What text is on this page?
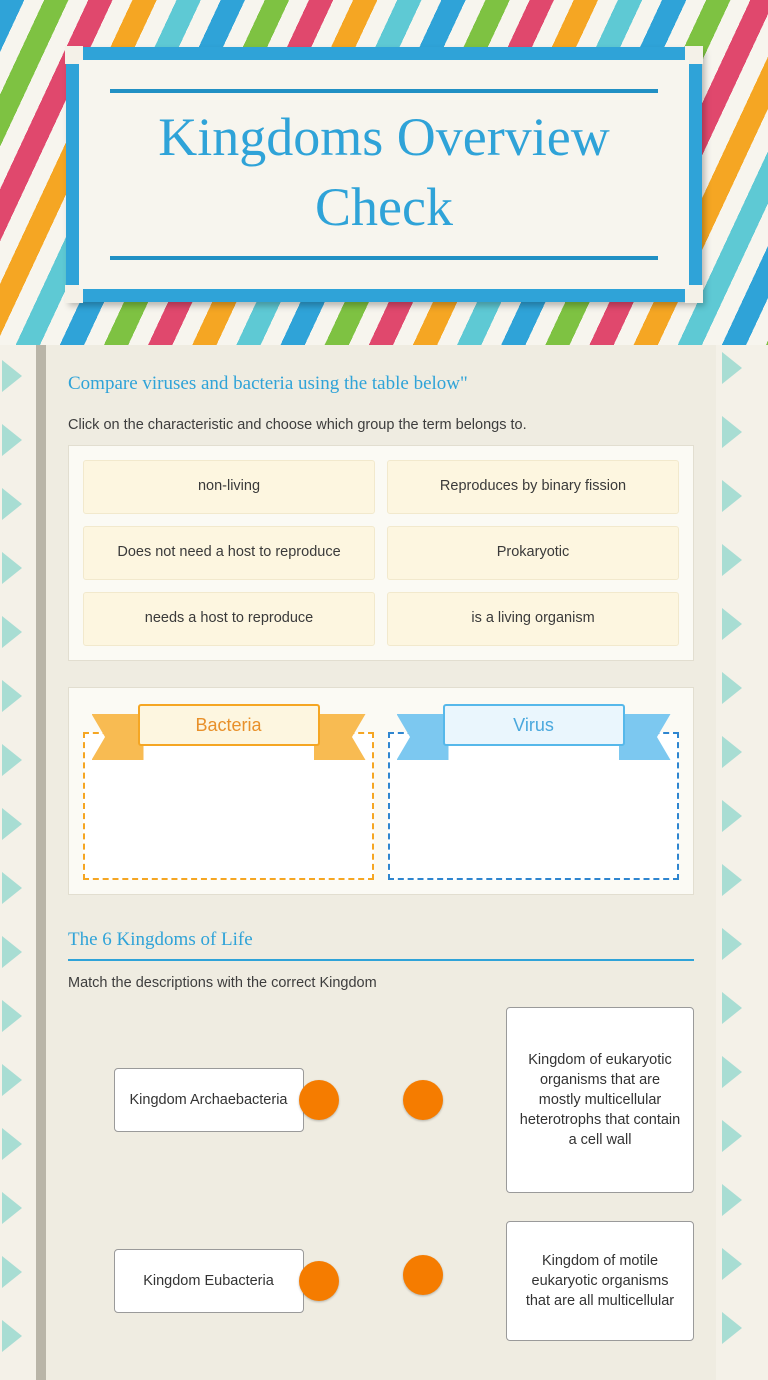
Kingdoms Overview Check
Compare viruses and bacteria using the table below"
Click on the characteristic and choose which group the term belongs to.
non-living	Reproduces by binary fission
Does not need a host to reproduce	Prokaryotic
needs a host to reproduce	is a living organism
Bacteria	Virus
The 6 Kingdoms of Life
Match the descriptions with the correct Kingdom
Kingdom Archaebacteria
Kingdom of eukaryotic organisms that are mostly multicellular heterotrophs that contain a cell wall
Kingdom Eubacteria
Kingdom of motile eukaryotic organisms that are all multicellular
